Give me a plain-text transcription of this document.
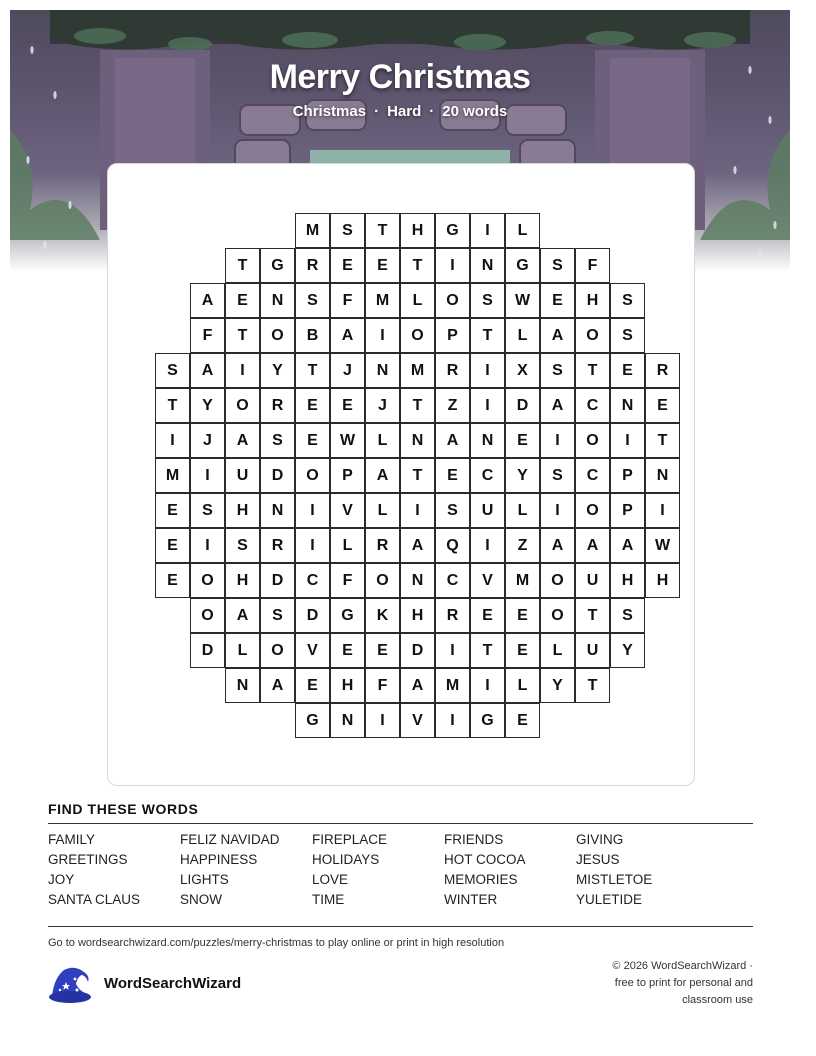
Merry Christmas
Christmas · Hard · 20 words
M	S	T	H	G	I	L
T	G	R	E	E	T	I	N	G	S	F
A	E	N	S	F	M	L	O	S	W	E	H	S
F	T	O	B	A	I	O	P	T	L	A	O	S
S	A	I	Y	T	J	N	M	R	I	X	S	T	E	R
T	Y	O	R	E	E	J	T	Z	I	D	A	C	N	E
I	J	A	S	E	W	L	N	A	N	E	I	O	I	T
M	I	U	D	O	P	A	T	E	C	Y	S	C	P	N
E	S	H	N	I	V	L	I	S	U	L	I	O	P	I
E	I	S	R	I	L	R	A	Q	I	Z	A	A	A	W
E	O	H	D	C	F	O	N	C	V	M	O	U	H	H
O	A	S	D	G	K	H	R	E	E	O	T	S
D	L	O	V	E	E	D	I	T	E	L	U	Y
N	A	E	H	F	A	M	I	L	Y	T
G	N	I	V	I	G	E
FIND THESE WORDS
FAMILY	FELIZ NAVIDAD	FIREPLACE	FRIENDS	GIVING
GREETINGS	HAPPINESS	HOLIDAYS	HOT COCOA	JESUS
JOY	LIGHTS	LOVE	MEMORIES	MISTLETOE
SANTA CLAUS	SNOW	TIME	WINTER	YULETIDE
Go to wordsearchwizard.com/puzzles/merry-christmas to play online or print in high resolution
WordSearchWizard
© 2026 WordSearchWizard ·
free to print for personal and
classroom use
